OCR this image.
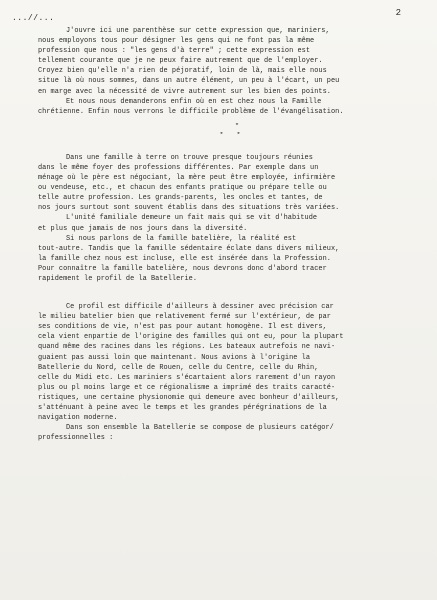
...//...
2
J'ouvre ici une parenthèse sur cette expression que, mariniers,
nous employons tous pour désigner les gens qui ne font pas la même
profession que nous : "les gens d'à terre" ; cette expression est
tellement courante que je ne peux faire autrement que de l'employer.
Croyez bien qu'elle n'a rien de péjoratif, loin de là, mais elle nous
situe là où nous sommes, dans un autre élément, un peu à l'écart, un peu
en marge avec la nécessité de vivre autrement sur les bien des points.
Et nous nous demanderons enfin où en est chez nous la Famille
chrétienne. Enfin nous verrons le difficile problème de l'évangélisation.
*
*   *
Dans une famille à terre on trouve presque toujours réunies
dans le même foyer des professions différentes. Par exemple dans un
ménage où le père est négociant, la mère peut être employée, infirmière
ou vendeuse, etc., et chacun des enfants pratique ou prépare telle ou
telle autre profession. Les grands-parents, les oncles et tantes, de
nos jours surtout sont souvent établis dans des situations très variées.
L'unité familiale demeure un fait mais qui se vit d'habitude
et plus que jamais de nos jours dans la diversité.
Si nous parlons de la famille batelière, la réalité est
tout-autre. Tandis que la famille sédentaire éclate dans divers milieux,
la famille chez nous est incluse, elle est insérée dans la Profession.
Pour connaître la famille batelière, nous devrons donc d'abord tracer
rapidement le profil de la Batellerie.
Ce profil est difficile d'ailleurs à dessiner avec précision car
le milieu batelier bien que relativement fermé sur l'extérieur, de par
ses conditions de vie, n'est pas pour autant homogène. Il est divers,
cela vient enpartie de l'origine des familles qui ont eu, pour la plupart
quand même des racines dans les régions. Les bateaux autrefois ne navi-
guaient pas aussi loin que maintenant. Nous avions à l'origine la
Batellerie du Nord, celle de Rouen, celle du Centre, celle du Rhin,
celle du Midi etc. Les mariniers s'écartaient alors rarement d'un rayon
plus ou pl moins large et ce régionalisme a imprimé des traits caracté-
ristiques, une certaine physionomie qui demeure avec bonheur d'ailleurs,
s'atténuant à peine avec le temps et les grandes pérégrinations de la
navigation moderne.
Dans son ensemble la Batellerie se compose de plusieurs catégor/
professionnelles :
